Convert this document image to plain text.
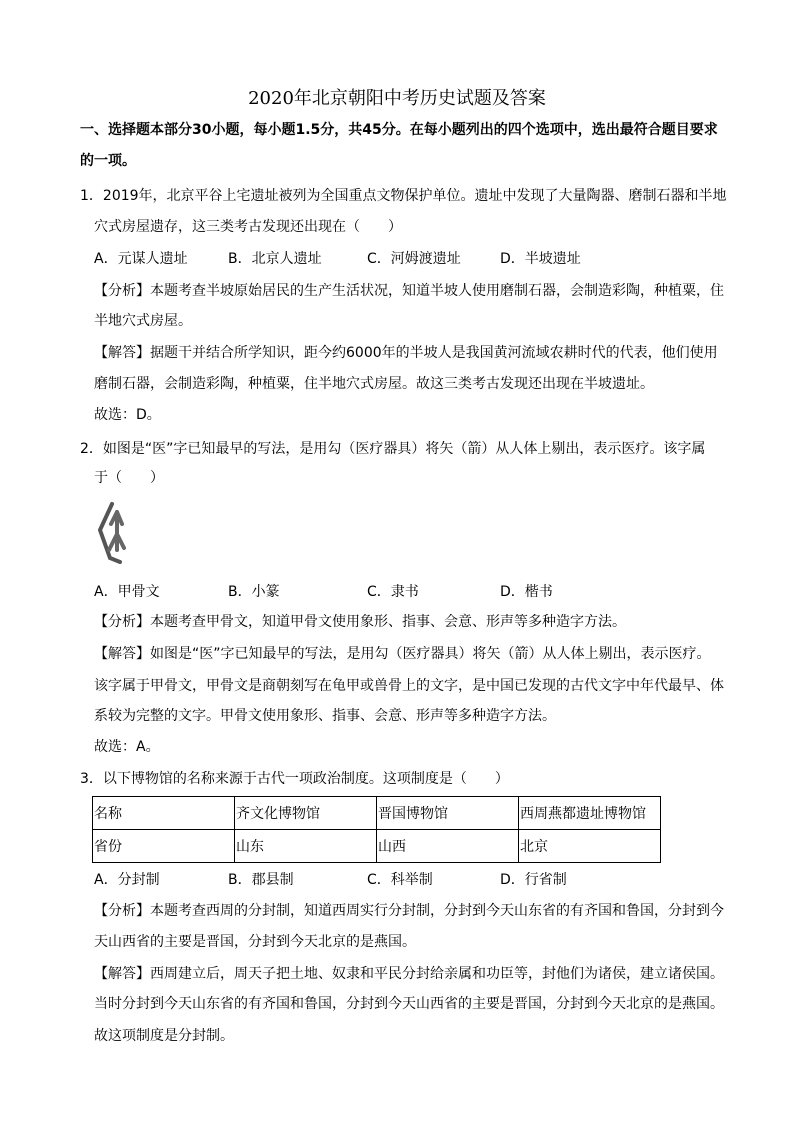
2020年北京朝阳中考历史试题及答案
一、选择题本部分30小题，每小题1.5分，共45分。在每小题列出的四个选项中，选出最符合题目要求
的一项。
1．2019年，北京平谷上宅遗址被列为全国重点文物保护单位。遗址中发现了大量陶器、磨制石器和半地
穴式房屋遗存，这三类考古发现还出现在（　　）
A．元谋人遗址	B．北京人遗址	C．河姆渡遗址	D．半坡遗址
【分析】本题考查半坡原始居民的生产生活状况，知道半坡人使用磨制石器，会制造彩陶，种植粟，住
半地穴式房屋。
【解答】据题干并结合所学知识，距今约6000年的半坡人是我国黄河流域农耕时代的代表，他们使用
磨制石器，会制造彩陶，种植粟，住半地穴式房屋。故这三类考古发现还出现在半坡遗址。
故选：D。
2．如图是“医”字已知最早的写法，是用勾（医疗器具）将矢（箭）从人体上剔出，表示医疗。该字属
于（　　）
A．甲骨文	B．小篆	C．隶书	D．楷书
【分析】本题考查甲骨文，知道甲骨文使用象形、指事、会意、形声等多种造字方法。
【解答】如图是“医”字已知最早的写法，是用勾（医疗器具）将矢（箭）从人体上剔出，表示医疗。
该字属于甲骨文，甲骨文是商朝刻写在龟甲或兽骨上的文字，是中国已发现的古代文字中年代最早、体
系较为完整的文字。甲骨文使用象形、指事、会意、形声等多种造字方法。
故选：A。
3．以下博物馆的名称来源于古代一项政治制度。这项制度是（　　）
名称	齐文化博物馆	晋国博物馆	西周燕都遗址博物馆
省份	山东	山西	北京
A．分封制	B．郡县制	C．科举制	D．行省制
【分析】本题考查西周的分封制，知道西周实行分封制，分封到今天山东省的有齐国和鲁国，分封到今
天山西省的主要是晋国，分封到今天北京的是燕国。
【解答】西周建立后，周天子把土地、奴隶和平民分封给亲属和功臣等，封他们为诸侯，建立诸侯国。
当时分封到今天山东省的有齐国和鲁国，分封到今天山西省的主要是晋国，分封到今天北京的是燕国。
故这项制度是分封制。
